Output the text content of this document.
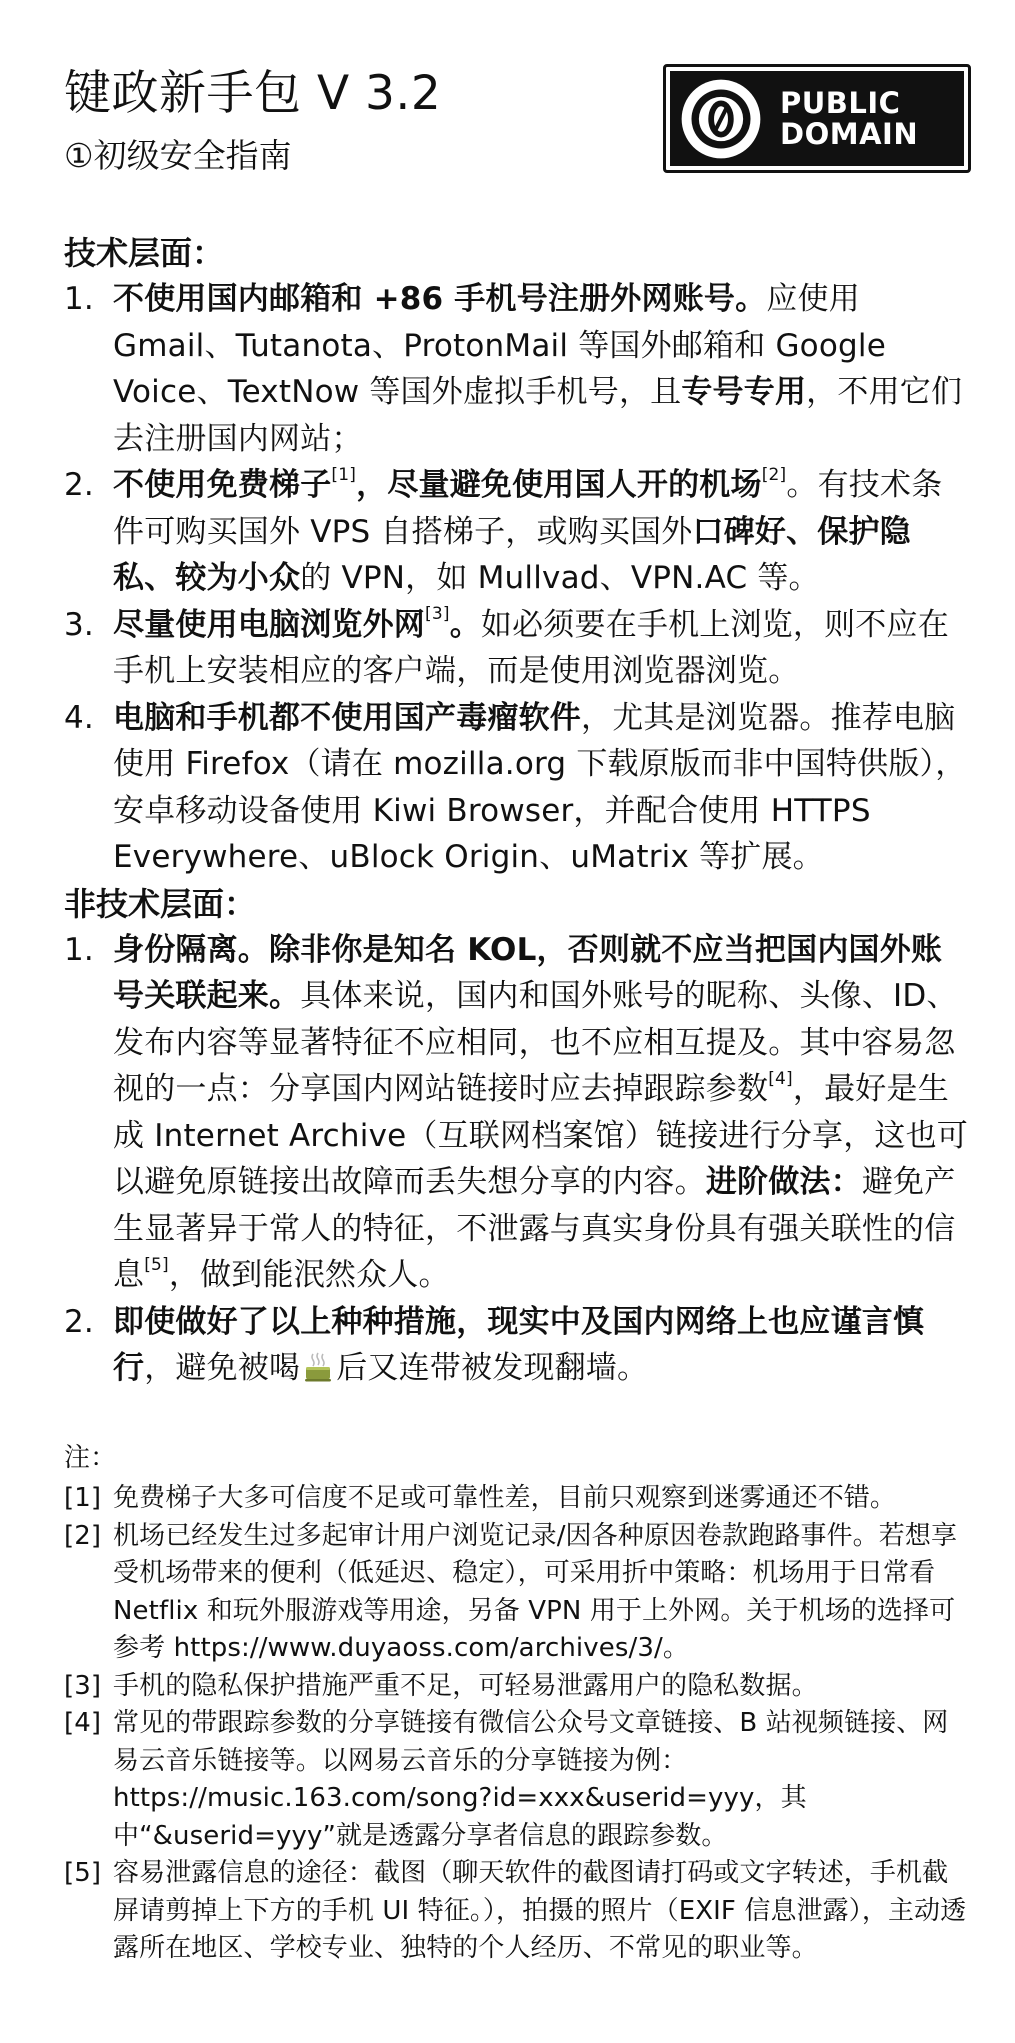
键政新手包 V 3.2
①初级安全指南
PUBLIC
DOMAIN
技术层面：
1. 不使用国内邮箱和 +86 手机号注册外网账号。应使用 Gmail、Tutanota、ProtonMail 等国外邮箱和 Google Voice、TextNow 等国外虚拟手机号，且专号专用，不用它们去注册国内网站；
2. 不使用免费梯子[1]，尽量避免使用国人开的机场[2]。有技术条件可购买国外 VPS 自搭梯子，或购买国外口碑好、保护隐私、较为小众的 VPN，如 Mullvad、VPN.AC 等。
3. 尽量使用电脑浏览外网[3]。如必须要在手机上浏览，则不应在手机上安装相应的客户端，而是使用浏览器浏览。
4. 电脑和手机都不使用国产毒瘤软件，尤其是浏览器。推荐电脑使用 Firefox（请在 mozilla.org 下载原版而非中国特供版），安卓移动设备使用 Kiwi Browser，并配合使用 HTTPS Everywhere、uBlock Origin、uMatrix 等扩展。
非技术层面：
1. 身份隔离。除非你是知名 KOL，否则就不应当把国内国外账号关联起来。具体来说，国内和国外账号的昵称、头像、ID、发布内容等显著特征不应相同，也不应相互提及。其中容易忽视的一点：分享国内网站链接时应去掉跟踪参数[4]，最好是生成 Internet Archive（互联网档案馆）链接进行分享，这也可以避免原链接出故障而丢失想分享的内容。进阶做法：避免产生显著异于常人的特征，不泄露与真实身份具有强关联性的信息[5]，做到能泯然众人。
2. 即使做好了以上种种措施，现实中及国内网络上也应谨言慎行，避免被喝 后又连带被发现翻墙。
注：
[1] 免费梯子大多可信度不足或可靠性差，目前只观察到迷雾通还不错。
[2] 机场已经发生过多起审计用户浏览记录/因各种原因卷款跑路事件。若想享受机场带来的便利（低延迟、稳定），可采用折中策略：机场用于日常看 Netflix 和玩外服游戏等用途，另备 VPN 用于上外网。关于机场的选择可参考 https://www.duyaoss.com/archives/3/。
[3] 手机的隐私保护措施严重不足，可轻易泄露用户的隐私数据。
[4] 常见的带跟踪参数的分享链接有微信公众号文章链接、B 站视频链接、网易云音乐链接等。以网易云音乐的分享链接为例：https://music.163.com/song?id=xxx&userid=yyy，其中“&userid=yyy”就是透露分享者信息的跟踪参数。
[5] 容易泄露信息的途径：截图（聊天软件的截图请打码或文字转述，手机截屏请剪掉上下方的手机 UI 特征。），拍摄的照片（EXIF 信息泄露），主动透露所在地区、学校专业、独特的个人经历、不常见的职业等。
